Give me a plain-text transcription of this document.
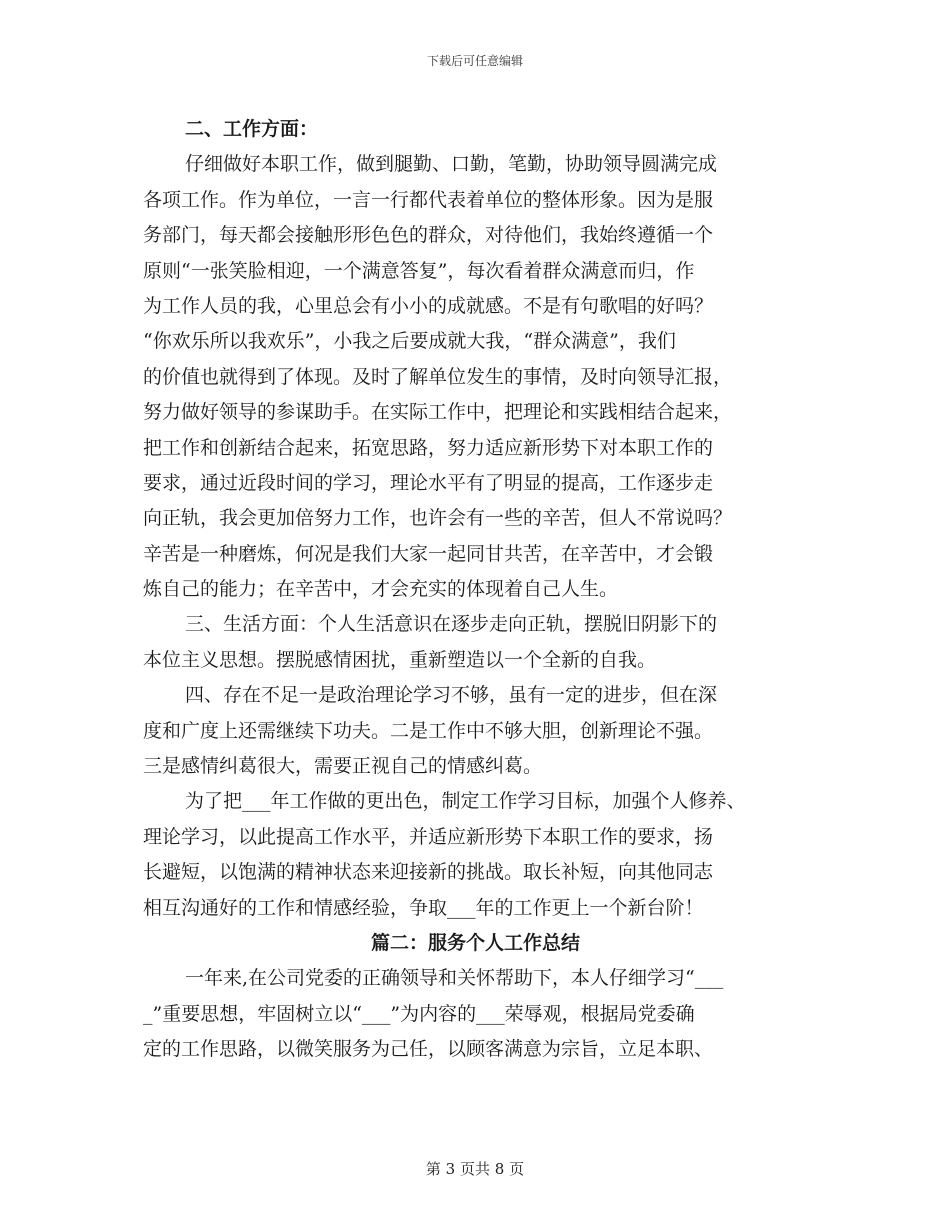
下载后可任意编辑
二、工作方面：
仔细做好本职工作，做到腿勤、口勤，笔勤，协助领导圆满完成
各项工作。作为单位，一言一行都代表着单位的整体形象。因为是服
务部门，每天都会接触形形色色的群众，对待他们，我始终遵循一个
原则“一张笑脸相迎，一个满意答复”，每次看着群众满意而归，作
为工作人员的我，心里总会有小小的成就感。不是有句歌唱的好吗？
“你欢乐所以我欢乐”，小我之后要成就大我，“群众满意”，我们
的价值也就得到了体现。及时了解单位发生的事情，及时向领导汇报，
努力做好领导的参谋助手。在实际工作中，把理论和实践相结合起来，
把工作和创新结合起来，拓宽思路，努力适应新形势下对本职工作的
要求，通过近段时间的学习，理论水平有了明显的提高，工作逐步走
向正轨，我会更加倍努力工作，也许会有一些的辛苦，但人不常说吗？
辛苦是一种磨炼，何况是我们大家一起同甘共苦，在辛苦中，才会锻
炼自己的能力；在辛苦中，才会充实的体现着自己人生。
三、生活方面：个人生活意识在逐步走向正轨，摆脱旧阴影下的
本位主义思想。摆脱感情困扰，重新塑造以一个全新的自我。
四、存在不足一是政治理论学习不够，虽有一定的进步，但在深
度和广度上还需继续下功夫。二是工作中不够大胆，创新理论不强。
三是感情纠葛很大，需要正视自己的情感纠葛。
为了把___年工作做的更出色，制定工作学习目标，加强个人修养、
理论学习，以此提高工作水平，并适应新形势下本职工作的要求，扬
长避短，以饱满的精神状态来迎接新的挑战。取长补短，向其他同志
相互沟通好的工作和情感经验，争取___年的工作更上一个新台阶！
篇二：服务个人工作总结
一年来,在公司党委的正确领导和关怀帮助下，本人仔细学习“___
_”重要思想，牢固树立以“___”为内容的___荣辱观，根据局党委确
定的工作思路，以微笑服务为己任，以顾客满意为宗旨，立足本职、
第 3 页共 8 页
